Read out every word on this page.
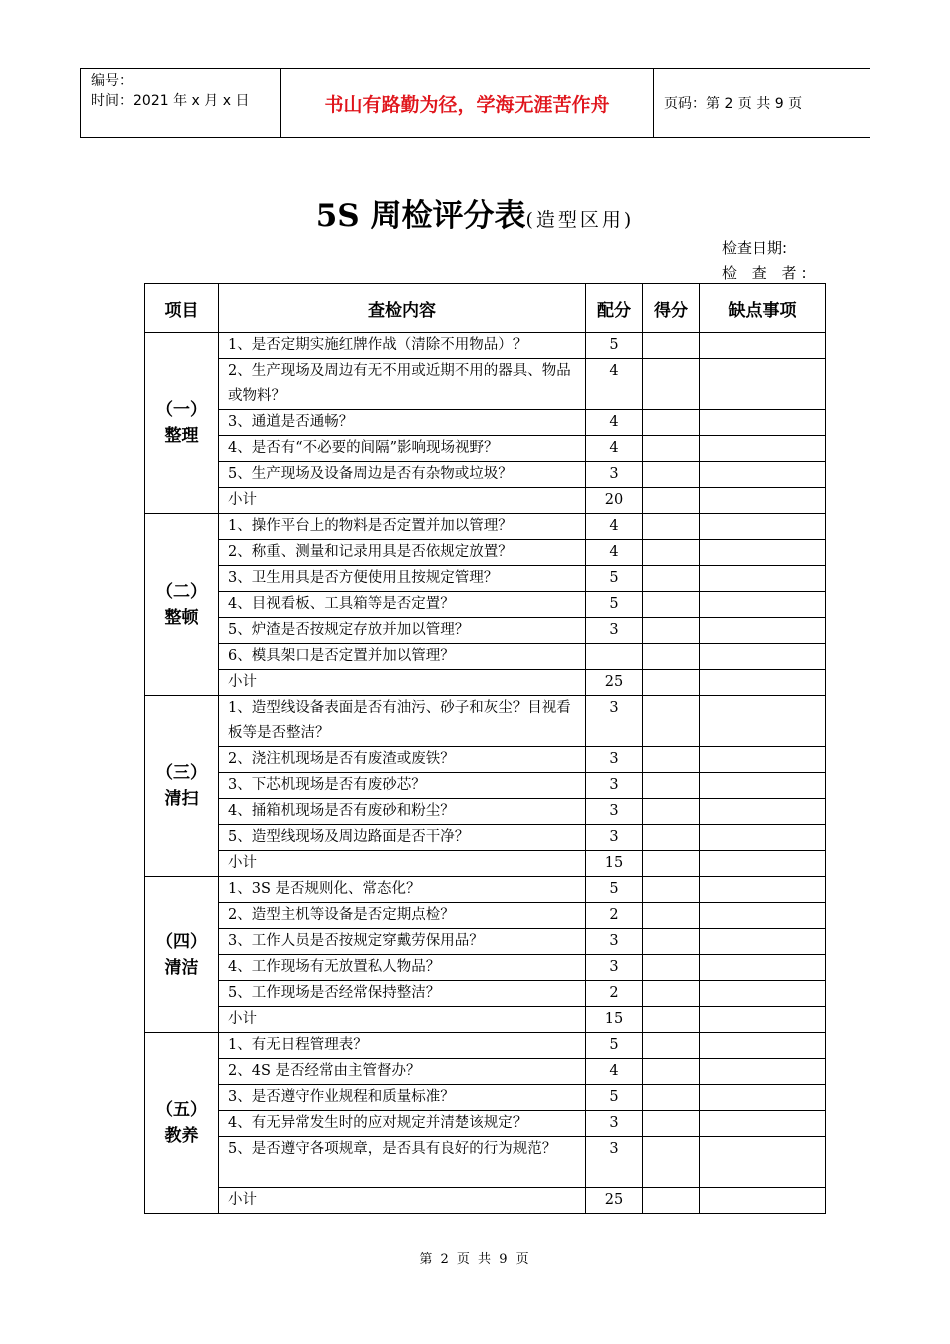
编号：
时间：2021 年 x 月 x 日	书山有路勤为径，学海无涯苦作舟	页码：第 2 页 共 9 页
5S 周检评分表(造型区用)
检查日期:
检 查 者:
项目	查检内容	配分	得分	缺点事项

（一）
整理	1、是否定期实施红牌作战（清除不用物品）？	5		
	2、生产现场及周边有无不用或近期不用的器具、物品或物料？	4		
	3、通道是否通畅？	4		
	4、是否有“不必要的间隔”影响现场视野？	4		
	5、生产现场及设备周边是否有杂物或垃圾？	3		
	小计	20		

（二）
整顿	1、操作平台上的物料是否定置并加以管理？	4		
	2、称重、测量和记录用具是否依规定放置？	4		
	3、卫生用具是否方便使用且按规定管理？	5		
	4、目视看板、工具箱等是否定置？	5		
	5、炉渣是否按规定存放并加以管理？	3		
	6、模具架口是否定置并加以管理？			
	小计	25		

（三）
清扫	1、造型线设备表面是否有油污、砂子和灰尘？目视看板等是否整洁？	3		
	2、浇注机现场是否有废渣或废铁？	3		
	3、下芯机现场是否有废砂芯？	3		
	4、捅箱机现场是否有废砂和粉尘？	3		
	5、造型线现场及周边路面是否干净？	3		
	小计	15		

（四）
清洁	1、3S 是否规则化、常态化？	5		
	2、造型主机等设备是否定期点检？	2		
	3、工作人员是否按规定穿戴劳保用品？	3		
	4、工作现场有无放置私人物品？	3		
	5、工作现场是否经常保持整洁？	2		
	小计	15		

（五）
教养	1、有无日程管理表？	5		
	2、4S 是否经常由主管督办？	4		
	3、是否遵守作业规程和质量标准？	5		
	4、有无异常发生时的应对规定并清楚该规定？	3		
	5、是否遵守各项规章，是否具有良好的行为规范？	3		
	小计	25		
第 2 页 共 9 页
